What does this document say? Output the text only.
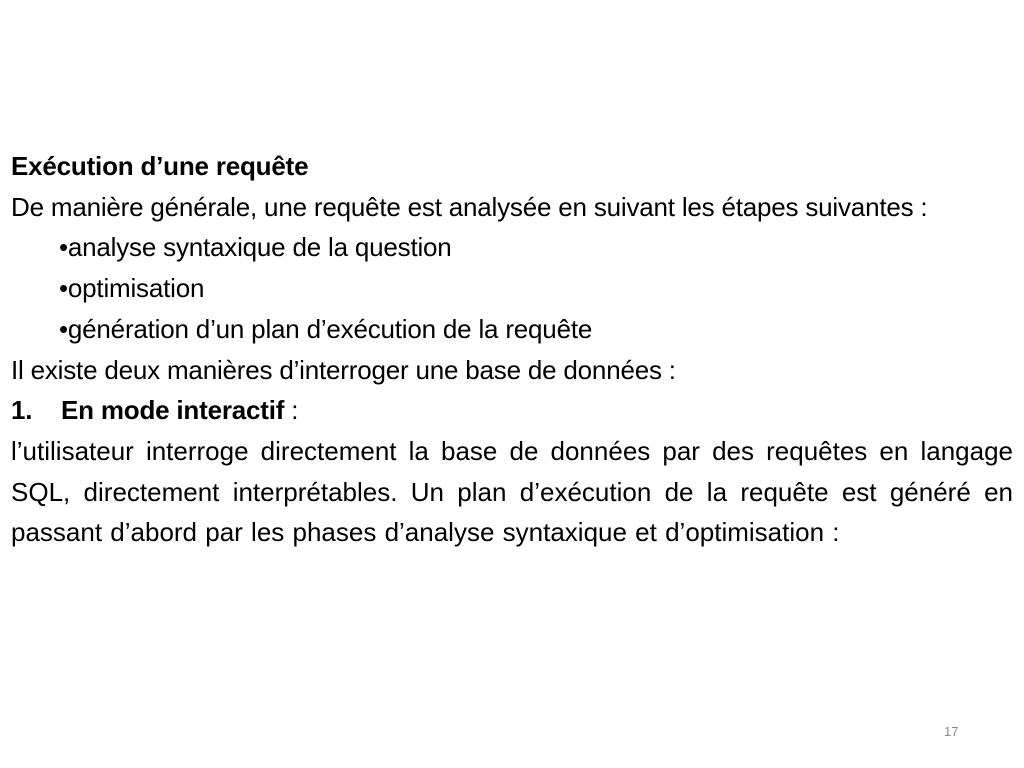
Exécution d’une requête
De manière générale, une requête est analysée en suivant les étapes suivantes :
•analyse syntaxique de la question
•optimisation
•génération d’un plan d’exécution de la requête
Il existe deux manières d’interroger une base de données :
1. En mode interactif :
l’utilisateur interroge directement la base de données par des requêtes en langage SQL, directement interprétables. Un plan d’exécution de la requête est généré en passant d’abord par les phases d’analyse syntaxique et d’optimisation :
17
